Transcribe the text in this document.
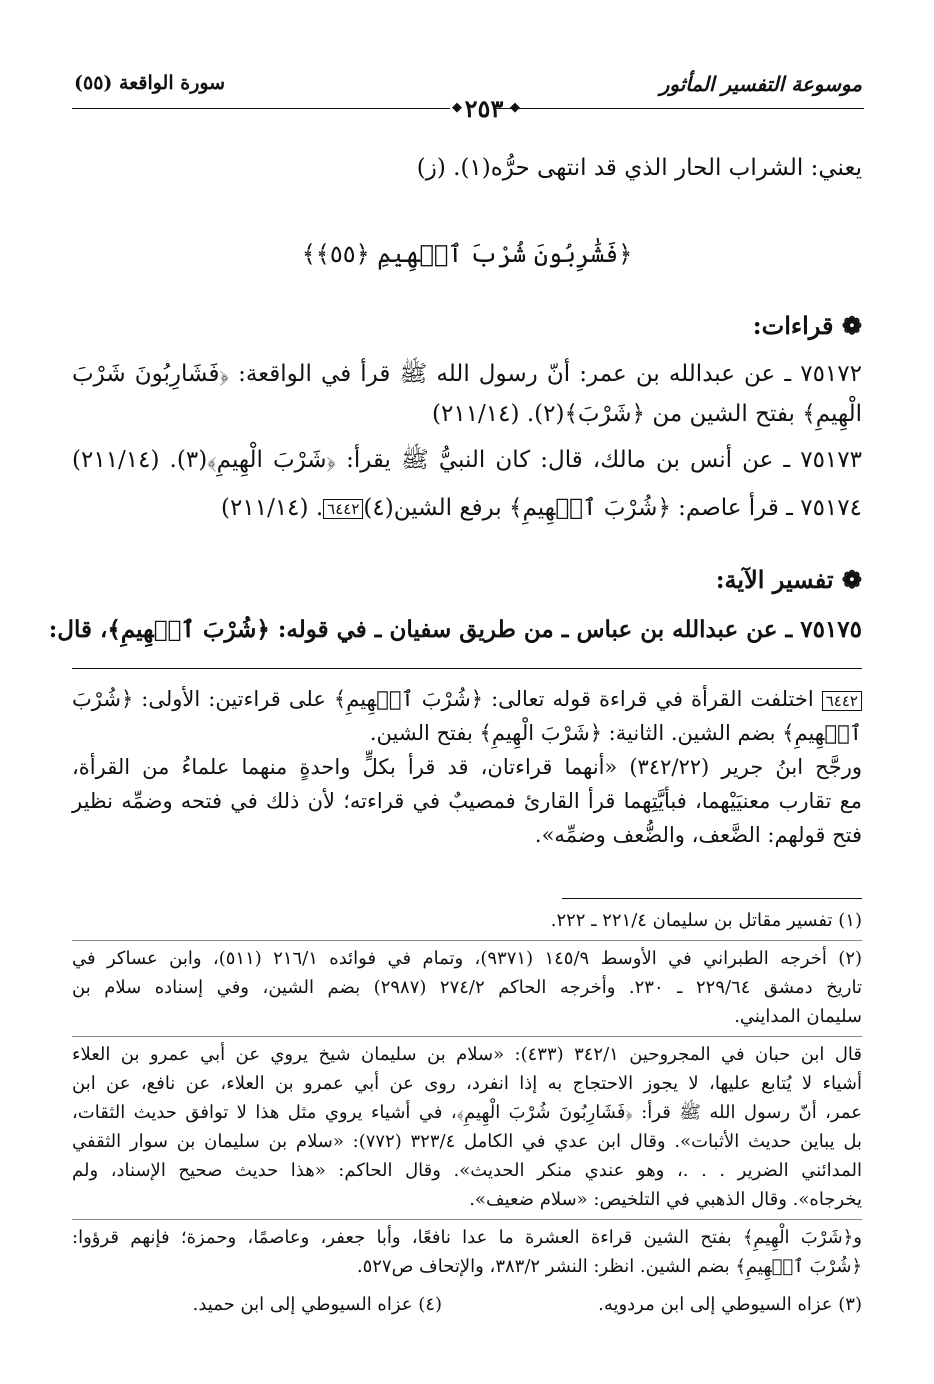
موسوعة التفسير المأثور
سورة الواقعة (٥٥)
◆	◆
٢٥٣
يعني: الشراب الحار الذي قد انتهى حرُّه(١). (ز)
﴿فَشَٰرِبُونَ شُرْبَ ٱلۡهِيمِ ﴿٥٥﴾﴾
❁ قراءات:
٧٥١٧٢ ـ عن عبدالله بن عمر: أنّ رسول الله ﷺ قرأ في الواقعة: ﴿فَشَارِبُونَ شَرْبَ
الْهِيمِ﴾ بفتح الشين من ﴿شَرْبَ﴾(٢). (٢١١/١٤)
٧٥١٧٣ ـ عن أنس بن مالك، قال: كان النبيُّ ﷺ يقرأ: ﴿شَرْبَ الْهِيمِ﴾(٣). (٢١١/١٤)
٧٥١٧٤ ـ قرأ عاصم: ﴿شُرْبَ ٱلۡهِيمِ﴾ برفع الشين(٤)٦٤٤٢. (٢١١/١٤)
❁ تفسير الآية:
٧٥١٧٥ ـ عن عبدالله بن عباس ـ من طريق سفيان ـ في قوله: ﴿شُرْبَ ٱلۡهِيمِ﴾، قال:
٦٤٤٢ اختلفت القرأة في قراءة قوله تعالى: ﴿شُرْبَ ٱلۡهِيمِ﴾ على قراءتين: الأولى: ﴿شُرْبَ
ٱلۡهِيمِ﴾ بضم الشين. الثانية: ﴿شَرْبَ الْهِيمِ﴾ بفتح الشين.
ورجَّح ابنُ جرير (٣٤٢/٢٢) «أنهما قراءتان، قد قرأ بكلٍّ واحدةٍ منهما علماءُ من القرأة،
مع تقارب معنيَيْهما، فبأيَّتِهما قرأ القارئ فمصيبٌ في قراءته؛ لأن ذلك في فتحه وضمِّه نظير
فتح قولهم: الضَّعف، والضُّعف وضمِّه».
(١) تفسير مقاتل بن سليمان ٢٢١/٤ ـ ٢٢٢.
(٢) أخرجه الطبراني في الأوسط ١٤٥/٩ (٩٣٧١)، وتمام في فوائده ٢١٦/١ (٥١١)، وابن عساكر في
تاريخ دمشق ٢٢٩/٦٤ ـ ٢٣٠. وأخرجه الحاكم ٢٧٤/٢ (٢٩٨٧) بضم الشين، وفي إسناده سلام بن
سليمان المدايني.
قال ابن حبان في المجروحين ٣٤٢/١ (٤٣٣): «سلام بن سليمان شيخ يروي عن أبي عمرو بن العلاء
أشياء لا يُتابع عليها، لا يجوز الاحتجاج به إذا انفرد، روى عن أبي عمرو بن العلاء، عن نافع، عن ابن
عمر، أنّ رسول الله ﷺ قرأ: ﴿فَشَارِبُونَ شُرْبَ الْهِيمِ﴾، في أشياء يروي مثل هذا لا توافق حديث الثقات،
بل يباين حديث الأثبات». وقال ابن عدي في الكامل ٣٢٣/٤ (٧٧٢): «سلام بن سليمان بن سوار الثقفي
المدائني الضرير . . .، وهو عندي منكر الحديث». وقال الحاكم: «هذا حديث صحيح الإسناد، ولم
يخرجاه». وقال الذهبي في التلخيص: «سلام ضعيف».
و﴿شَرْبَ الْهِيمِ﴾ بفتح الشين قراءة العشرة ما عدا نافعًا، وأبا جعفر، وعاصمًا، وحمزة؛ فإنهم قرؤوا:
﴿شُرْبَ ٱلۡهِيمِ﴾ بضم الشين. انظر: النشر ٣٨٣/٢، والإتحاف ص٥٢٧.
(٣) عزاه السيوطي إلى ابن مردويه.
(٤) عزاه السيوطي إلى ابن حميد.
